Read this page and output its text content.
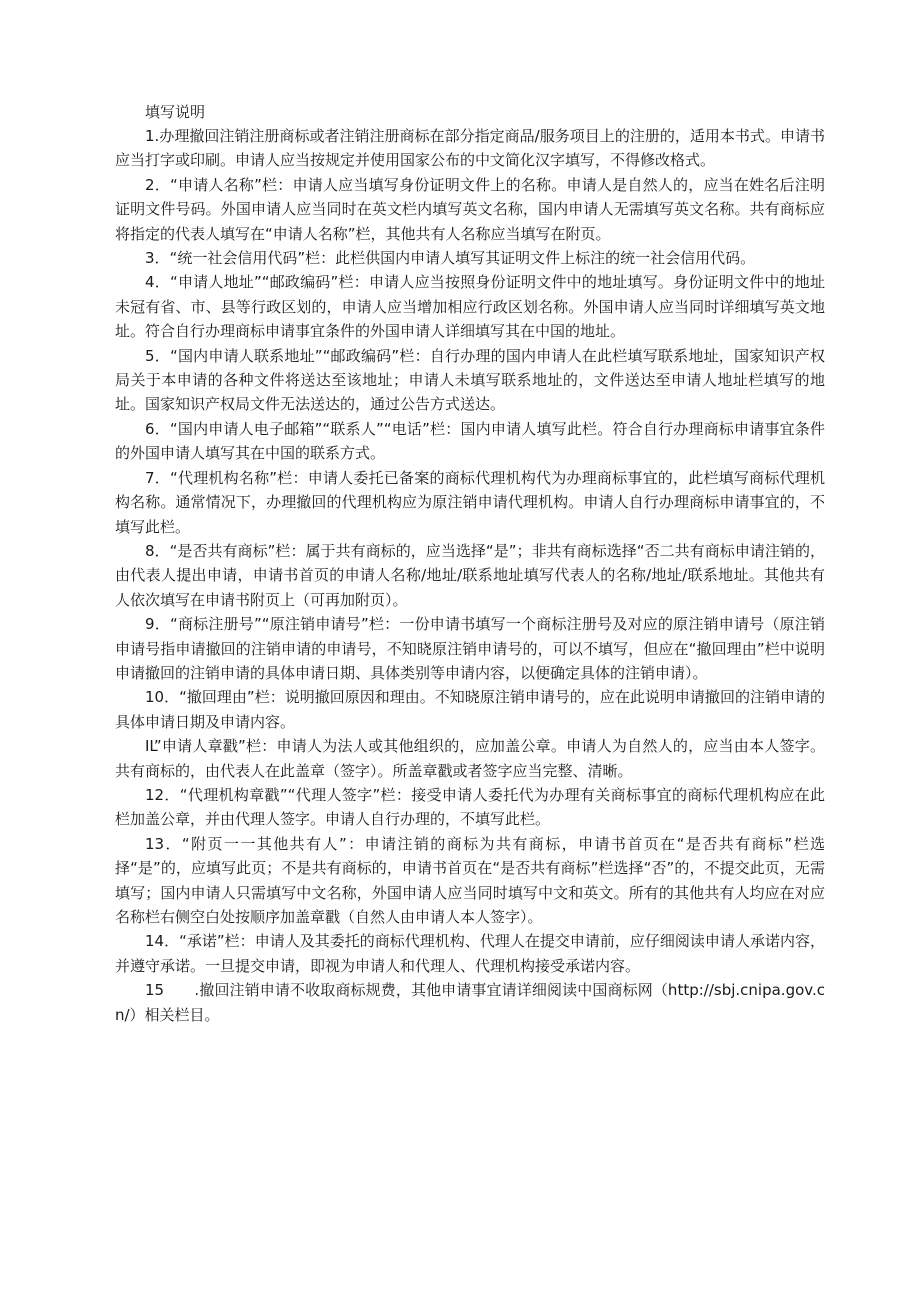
填写说明

1.办理撤回注销注册商标或者注销注册商标在部分指定商品/服务项目上的注册的，适用本书式。申请书应当打字或印刷。申请人应当按规定并使用国家公布的中文简化汉字填写，不得修改格式。

2．“申请人名称”栏：申请人应当填写身份证明文件上的名称。申请人是自然人的，应当在姓名后注明证明文件号码。外国申请人应当同时在英文栏内填写英文名称，国内申请人无需填写英文名称。共有商标应将指定的代表人填写在“申请人名称”栏，其他共有人名称应当填写在附页。

3．“统一社会信用代码”栏：此栏供国内申请人填写其证明文件上标注的统一社会信用代码。

4．“申请人地址”“邮政编码”栏：申请人应当按照身份证明文件中的地址填写。身份证明文件中的地址未冠有省、市、县等行政区划的，申请人应当增加相应行政区划名称。外国申请人应当同时详细填写英文地址。符合自行办理商标申请事宜条件的外国申请人详细填写其在中国的地址。

5．“国内申请人联系地址”“邮政编码”栏：自行办理的国内申请人在此栏填写联系地址，国家知识产权局关于本申请的各种文件将送达至该地址；申请人未填写联系地址的，文件送达至申请人地址栏填写的地址。国家知识产权局文件无法送达的，通过公告方式送达。

6．“国内申请人电子邮箱”“联系人”“电话”栏：国内申请人填写此栏。符合自行办理商标申请事宜条件的外国申请人填写其在中国的联系方式。

7．“代理机构名称”栏：申请人委托已备案的商标代理机构代为办理商标事宜的，此栏填写商标代理机构名称。通常情况下，办理撤回的代理机构应为原注销申请代理机构。申请人自行办理商标申请事宜的，不填写此栏。

8．“是否共有商标”栏：属于共有商标的，应当选择“是”；非共有商标选择“否二共有商标申请注销的，由代表人提出申请，申请书首页的申请人名称/地址/联系地址填写代表人的名称/地址/联系地址。其他共有人依次填写在申请书附页上（可再加附页）。

9．“商标注册号”“原注销申请号”栏：一份申请书填写一个商标注册号及对应的原注销申请号（原注销申请号指申请撤回的注销申请的申请号，不知晓原注销申请号的，可以不填写，但应在“撤回理由”栏中说明申请撤回的注销申请的具体申请日期、具体类别等申请内容，以便确定具体的注销申请）。

10．“撤回理由”栏：说明撤回原因和理由。不知晓原注销申请号的，应在此说明申请撤回的注销申请的具体申请日期及申请内容。

IL”申请人章戳”栏：申请人为法人或其他组织的，应加盖公章。申请人为自然人的，应当由本人签字。共有商标的，由代表人在此盖章（签字）。所盖章戳或者签字应当完整、清晰。

12．“代理机构章戳”“代理人签字”栏：接受申请人委托代为办理有关商标事宜的商标代理机构应在此栏加盖公章，并由代理人签字。申请人自行办理的，不填写此栏。

13．“附页一一其他共有人”：申请注销的商标为共有商标，申请书首页在“是否共有商标”栏选择“是”的，应填写此页；不是共有商标的，申请书首页在“是否共有商标”栏选择“否”的，不提交此页，无需填写；国内申请人只需填写中文名称，外国申请人应当同时填写中文和英文。所有的其他共有人均应在对应名称栏右侧空白处按顺序加盖章戳（自然人由申请人本人签字）。

14．“承诺”栏：申请人及其委托的商标代理机构、代理人在提交申请前，应仔细阅读申请人承诺内容，并遵守承诺。一旦提交申请，即视为申请人和代理人、代理机构接受承诺内容。

15　　.撤回注销申请不收取商标规费，其他申请事宜请详细阅读中国商标网（http://sbj.cnipa.gov.cn/）相关栏目。
